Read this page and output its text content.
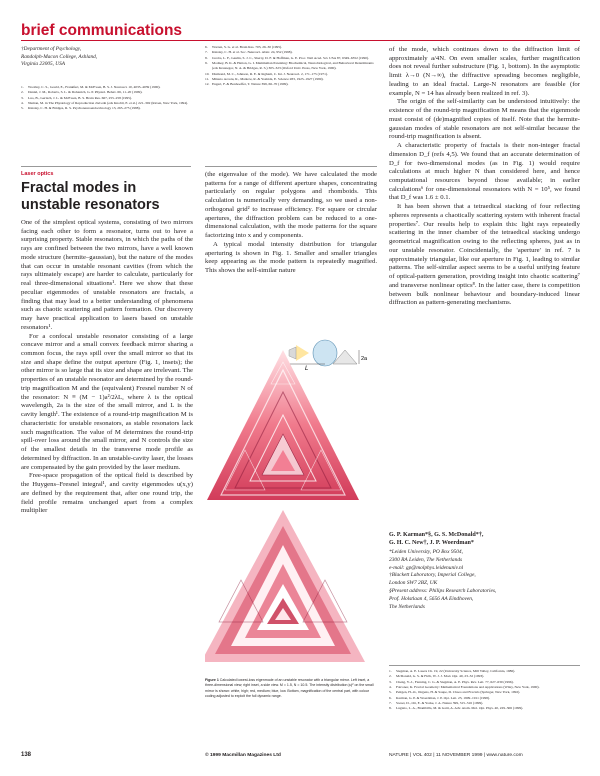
brief communications
†Department of Psychology,
Randolph-Macon College, Ashland,
Virginia 23005, USA
1.	Woolley, C. S., Gould, E., Frankfurt, M. & McEwen, B. S. J. Neurosci. 10, 4035–4039 (1990).
2.	Daniel, J. M., Roberts, S. L. & Dohanich, G. P. Physiol. Behav. 66, 11–20 (1999).
3.	Luo, B., Gerlach, J. L. & McEwen, B. S. Brain Res. 667, 255–258 (1995).
4.	Numan, M. in The Physiology of Reproduction 2nd edn (eds Knobil, E. et al.) 221–302 (Raven, New York, 1994).
5.	Kinsley, C. H. & Bridges, R. S. Psychoneuroendocrinology 13, 265–275 (1988).
6.	Warren, S. G. et al. Brain Res. 703, 26–30 (1995).
7.	Kinsley, C. H. et al. Soc. Neurosci. Abstr. 24, 952 (1998).
8.	Jacobs, L. F., Gaulin, S. J. C., Sherry, D. F. & Hoffman, G. E. Proc. Natl Acad. Sci. USA 87, 6349–6352 (1990).
9.	Modney, B. K. & Hatton, G. I. Mammalian Parenting: Biochemical, Neurobiological, and Behavioral Determinants (eds Krasnegor, N. A. & Bridges, R. S.) 305–323 (Oxford Univ. Press, New York, 1990).
10. Diamond, M. C., Johnson, R. E. & Ingham, C. Int. J. Neurosci. 2, 171–175 (1971).
11. Mitsuto Acostu, R., Matkow, R. & Yoshida, E. Science 283, 1925–1927 (1999).
12. Engert, F. & Bonhoeffer, T. Nature 399, 66–70 (1999).
Laser optics
Fractal modes in unstable resonators

One of the simplest optical systems, consisting of two mirrors facing each other to form a resonator, turns out to have a surprising property. Stable resonators, in which the paths of the rays are confined between the two mirrors, have a well known mode structure (hermite–gaussian), but the nature of the modes that can occur in unstable resonant cavities (from which the rays ultimately escape) are harder to calculate, particularly for real three-dimensional situations¹. Here we show that these peculiar eigenmodes of unstable resonators are fractals, a finding that may lead to a better understanding of phenomena such as chaotic scattering and pattern formation. Our discovery may have practical application to lasers based on unstable resonators¹.

For a confocal unstable resonator consisting of a large concave mirror and a small convex feedback mirror sharing a common focus, the rays spill over the small mirror so that its size and shape define the output aperture (Fig. 1, insets); the other mirror is so large that its size and shape are irrelevant. The properties of an unstable resonator are determined by the round-trip magnification M and the (equivalent) Fresnel number N of the resonator: N ≡ (M − 1)a²/2λL, where λ is the optical wavelength, 2a is the size of the small mirror, and L is the cavity length¹. The existence of a round-trip magnification M is characteristic for unstable resonators, as stable resonators lack such magnification. The value of M determines the round-trip spill-over loss around the small mirror, and N controls the size of the smallest details in the transverse mode profile as determined by diffraction. In an unstable-cavity laser, the losses are compensated by the gain provided by the laser medium.

Free-space propagation of the optical field is described by the Huygens–Fresnel integral¹, and cavity eigenmodes u(x,y) are defined by the requirement that, after one round trip, the field profile remains unchanged apart from a complex multiplier

(the eigenvalue of the mode). We have calculated the mode patterns for a range of different aperture shapes, concentrating particularly on regular polygons and rhomboids. This calculation is numerically very demanding, so we used a non-orthogonal grid² to increase efficiency. For square or circular apertures, the diffraction problem can be reduced to a one-dimensional calculation, with the mode patterns for the square factorizing into x and y components.

A typical modal intensity distribution for triangular aperturing is shown in Fig. 1. Smaller and smaller triangles keep appearing as the mode pattern is repeatedly magnified. This shows the self-similar nature

L
2a
Figure 1 Calculated lowest-loss eigenmode of an unstable resonator with a triangular mirror. Left inset, a three-dimensional view; right inset, a side view. M = 1.5, N = 10.5. The intensity distribution |u|² on the small mirror is shown: white, high; red, medium; blue, low. Bottom, magnification of the central part, with colour coding adjusted to exploit the full dynamic range.

of the mode, which continues down to the diffraction limit of approximately a/4N. On even smaller scales, further magnification does not reveal further substructure (Fig. 1, bottom). In the asymptotic limit λ→0 (N→∞), the diffractive spreading becomes negligible, leading to an ideal fractal. Large-N resonators are feasible (for example, N = 14 has already been realized in ref. 3).

The origin of the self-similarity can be understood intuitively: the existence of the round-trip magnification M means that the eigenmode must consist of (de)magnified copies of itself. Note that the hermite-gaussian modes of stable resonators are not self-similar because the round-trip magnification is absent.

A characteristic property of fractals is their non-integer fractal dimension D_f (refs 4,5). We found that an accurate determination of D_f for two-dimensional modes (as in Fig. 1) would require calculations at much higher N than considered here, and hence computational resources beyond those available; in earlier calculations⁶ for one-dimensional resonators with N = 10⁵, we found that D_f was 1.6 ± 0.1.

It has been shown that a tetraedical stacking of four reflecting spheres represents a chaotically scattering system with inherent fractal properties⁷. Our results help to explain this: light rays repeatedly scattering in the inner chamber of the tetraedical stacking undergo geometrical magnification owing to the reflecting spheres, just as in our unstable resonator. Coincidentally, the 'aperture' in ref. 7 is approximately triangular, like our aperture in Fig. 1, leading to similar patterns. The self-similar aspect seems to be a useful unifying feature of optical-pattern generation, providing insight into chaotic scattering⁷ and transverse nonlinear optics⁸. In the latter case, there is competition between bulk nonlinear behaviour and boundary-induced linear diffraction as pattern-generating mechanisms.

G. P. Karman*§, G. S. McDonald*†,
G. H. C. New†, J. P. Woerdman*
*Leiden University, PO Box 9504,
2300 RA Leiden, The Netherlands
e-mail: gp@molphys.leidenuniv.nl
†Blackett Laboratory, Imperial College,
London SW7 2BZ, UK
§Present address: Philips Research Laboratories,
Prof. Holstlaan 4, 5656 AA Eindhoven,
The Netherlands
1.	Siegman, A. E. Lasers Ch. 19, 22 (University Science, Mill Valley, California, 1986).
2.	McDonald, G. S. & Firth, W. J. J. Mod. Opt. 40, 23–32 (1993).
3.	Cheng, Y.-J., Fanning, C. G. & Siegman, A. E. Phys. Rev. Lett. 77, 627–630 (1996).
4.	Falconer, K. Fractal Geometry: Mathematical Foundations and Applications (Wiley, New York, 1990).
5.	Peitgen, H.-O., Jürgens, H. & Saupe, D. Chaos and Fractals (Springer, New York, 1992).
6.	Karman, G. P. & Woerdman, J. P. Opt. Lett. 23, 1909–1911 (1998).
7.	Sweet, D., Ott, E. & Yorke, J. A. Nature 399, 315–316 (1999).
8.	Lugiato, L. A., Brambilla, M. & Gatti, A. Adv. Atom. Mol. Opt. Phys. 40, 229–306 (1999).
138	© 1999 Macmillan Magazines Ltd	NATURE | VOL 402 | 11 NOVEMBER 1999 | www.nature.com
